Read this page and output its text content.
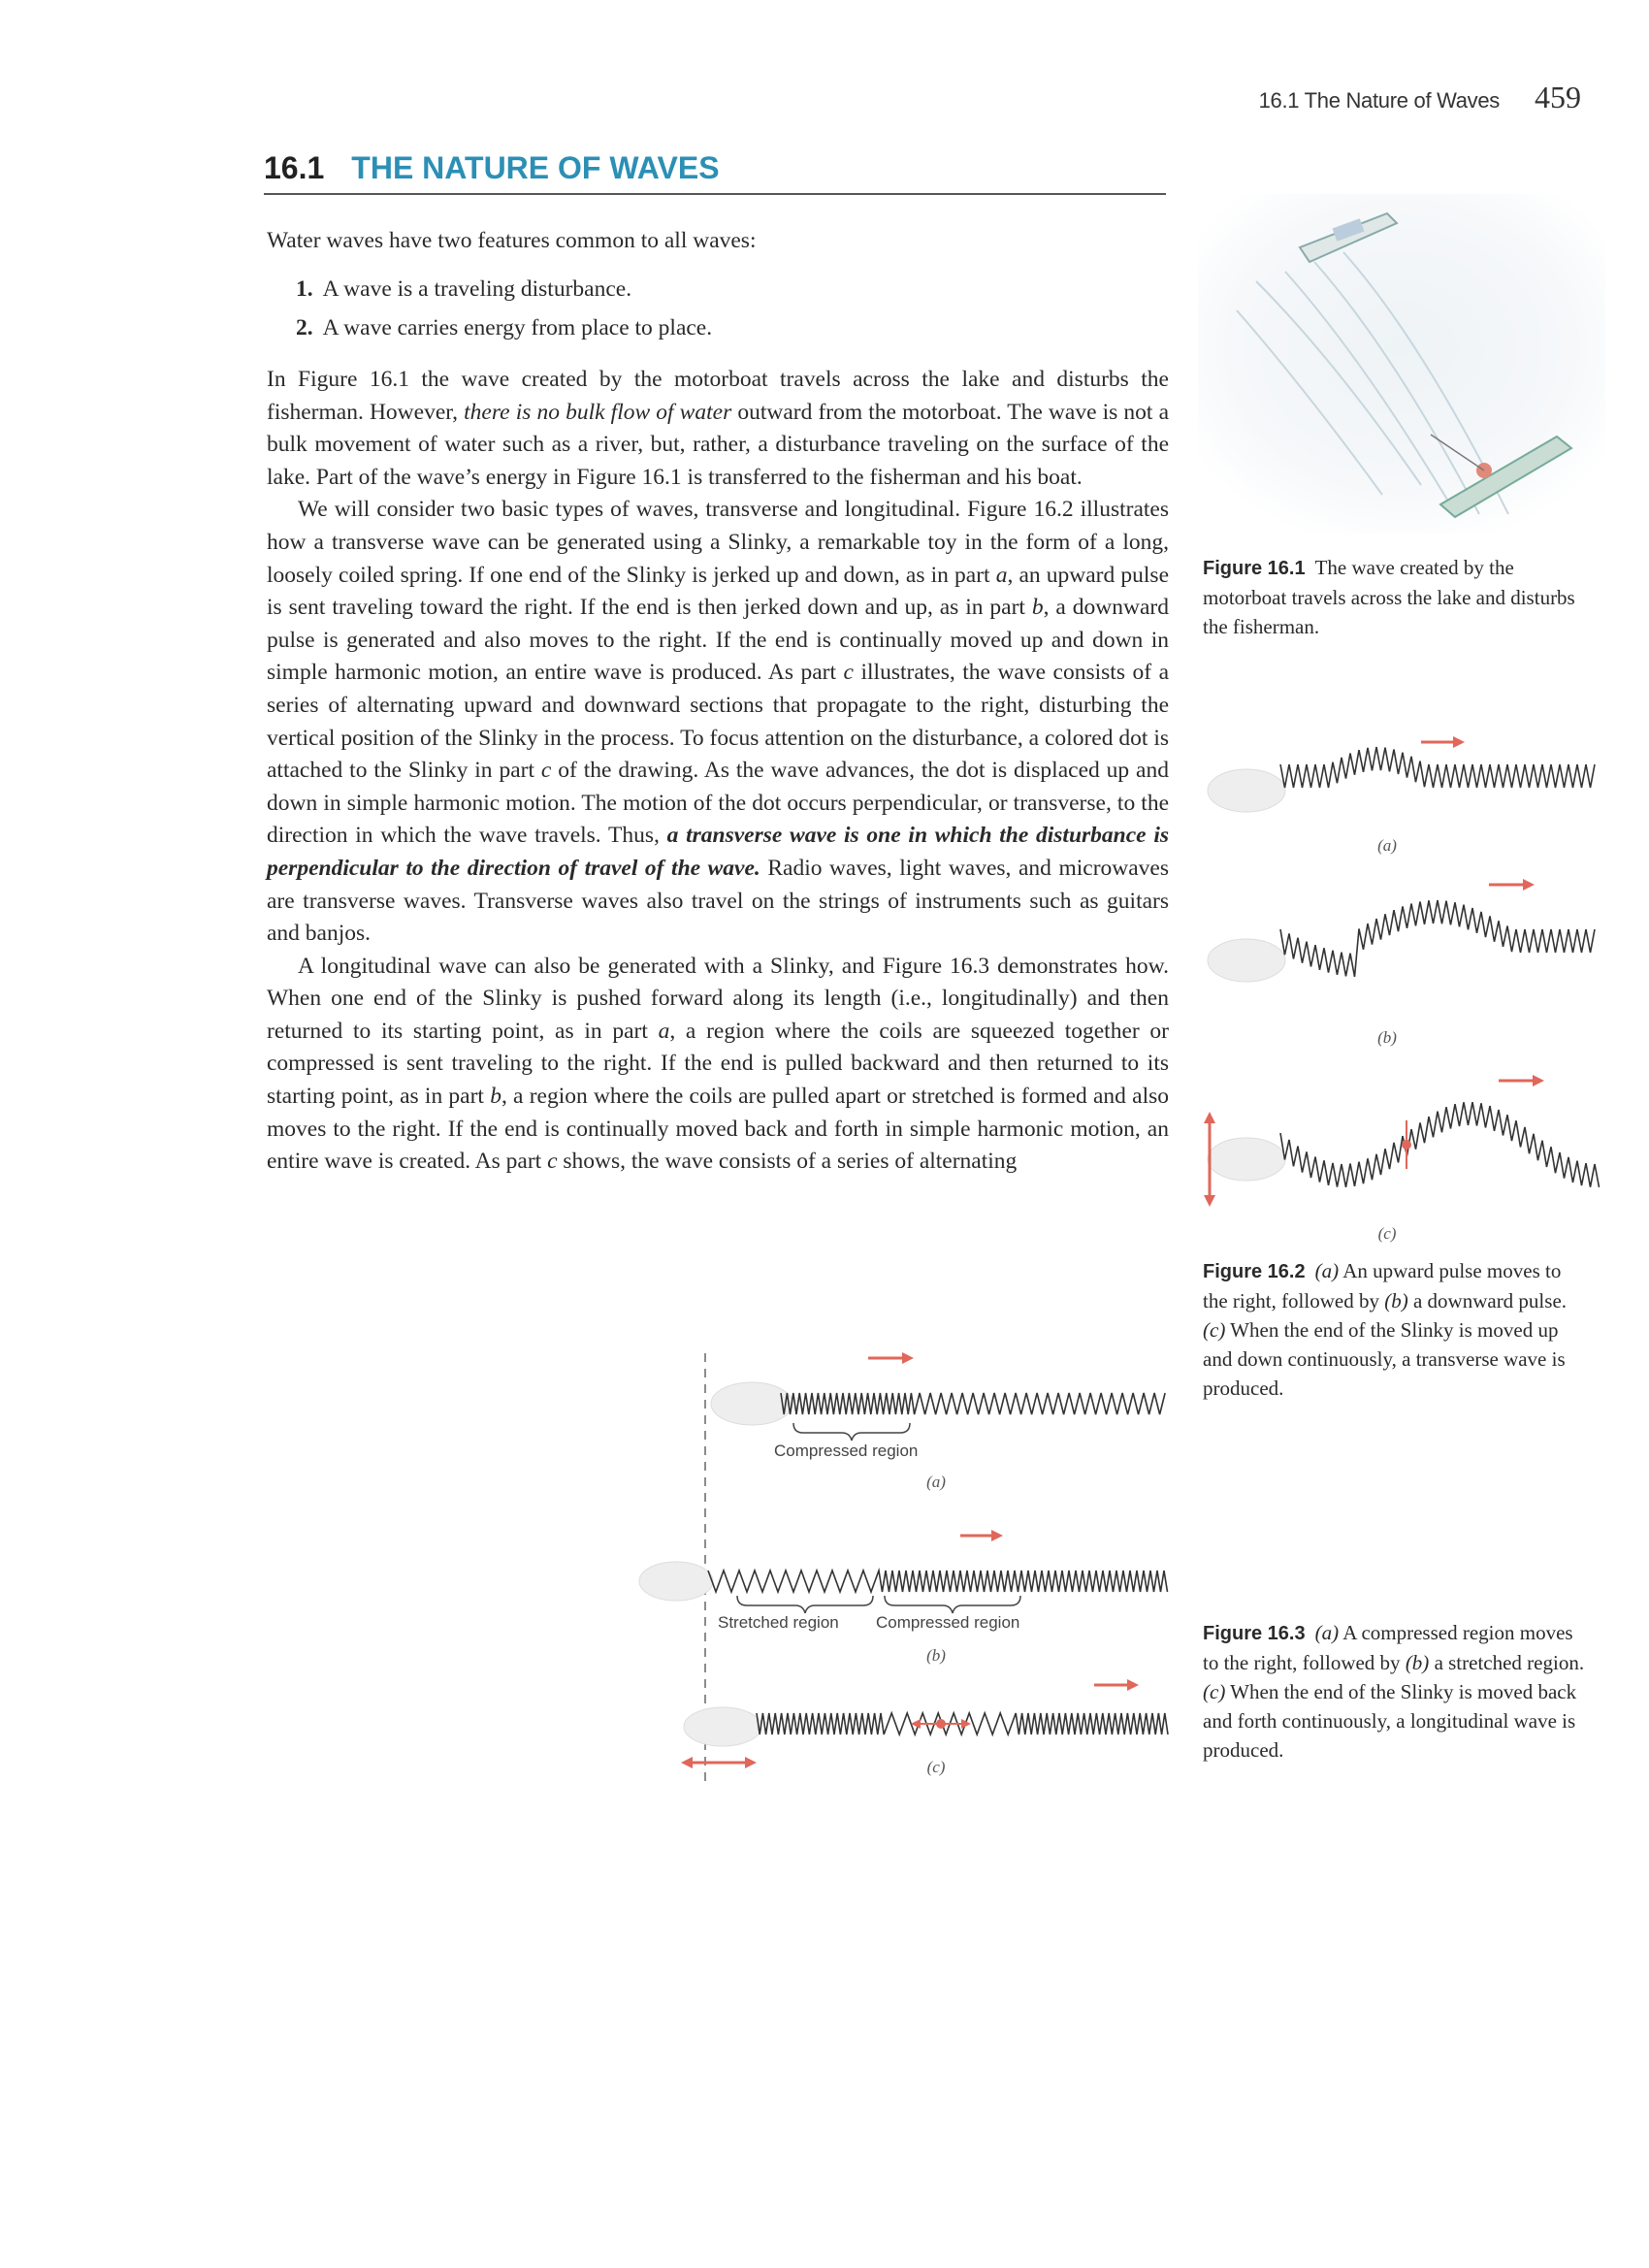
16.1 The Nature of Waves 459
16.1 THE NATURE OF WAVES
Water waves have two features common to all waves:
1. A wave is a traveling disturbance.
2. A wave carries energy from place to place.

In Figure 16.1 the wave created by the motorboat travels across the lake and disturbs the fisherman. However, there is no bulk flow of water outward from the motorboat. The wave is not a bulk movement of water such as a river, but, rather, a disturbance traveling on the surface of the lake. Part of the wave’s energy in Figure 16.1 is transferred to the fisherman and his boat.

We will consider two basic types of waves, transverse and longitudinal. Figure 16.2 illustrates how a transverse wave can be generated using a Slinky, a remarkable toy in the form of a long, loosely coiled spring. If one end of the Slinky is jerked up and down, as in part a, an upward pulse is sent traveling toward the right. If the end is then jerked down and up, as in part b, a downward pulse is generated and also moves to the right. If the end is continually moved up and down in simple harmonic motion, an entire wave is produced. As part c illustrates, the wave consists of a series of alternating upward and downward sections that propagate to the right, disturbing the vertical position of the Slinky in the process. To focus attention on the disturbance, a colored dot is attached to the Slinky in part c of the drawing. As the wave advances, the dot is displaced up and down in simple harmonic motion. The motion of the dot occurs perpendicular, or transverse, to the direction in which the wave travels. Thus, a transverse wave is one in which the disturbance is perpendicular to the direction of travel of the wave. Radio waves, light waves, and microwaves are transverse waves. Transverse waves also travel on the strings of instruments such as guitars and banjos.

A longitudinal wave can also be generated with a Slinky, and Figure 16.3 demonstrates how. When one end of the Slinky is pushed forward along its length (i.e., longitudinally) and then returned to its starting point, as in part a, a region where the coils are squeezed together or compressed is sent traveling to the right. If the end is pulled backward and then returned to its starting point, as in part b, a region where the coils are pulled apart or stretched is formed and also moves to the right. If the end is continually moved back and forth in simple harmonic motion, an entire wave is created. As part c shows, the wave consists of a series of alternating

Figure 16.1 The wave created by the motorboat travels across the lake and disturbs the fisherman.
(a)
(b)
(c)
Figure 16.2 (a) An upward pulse moves to the right, followed by (b) a downward pulse. (c) When the end of the Slinky is moved up and down continuously, a transverse wave is produced.
Compressed region
(a)
Stretched region Compressed region
(b)
(c)
Figure 16.3 (a) A compressed region moves to the right, followed by (b) a stretched region. (c) When the end of the Slinky is moved back and forth continuously, a longitudinal wave is produced.
